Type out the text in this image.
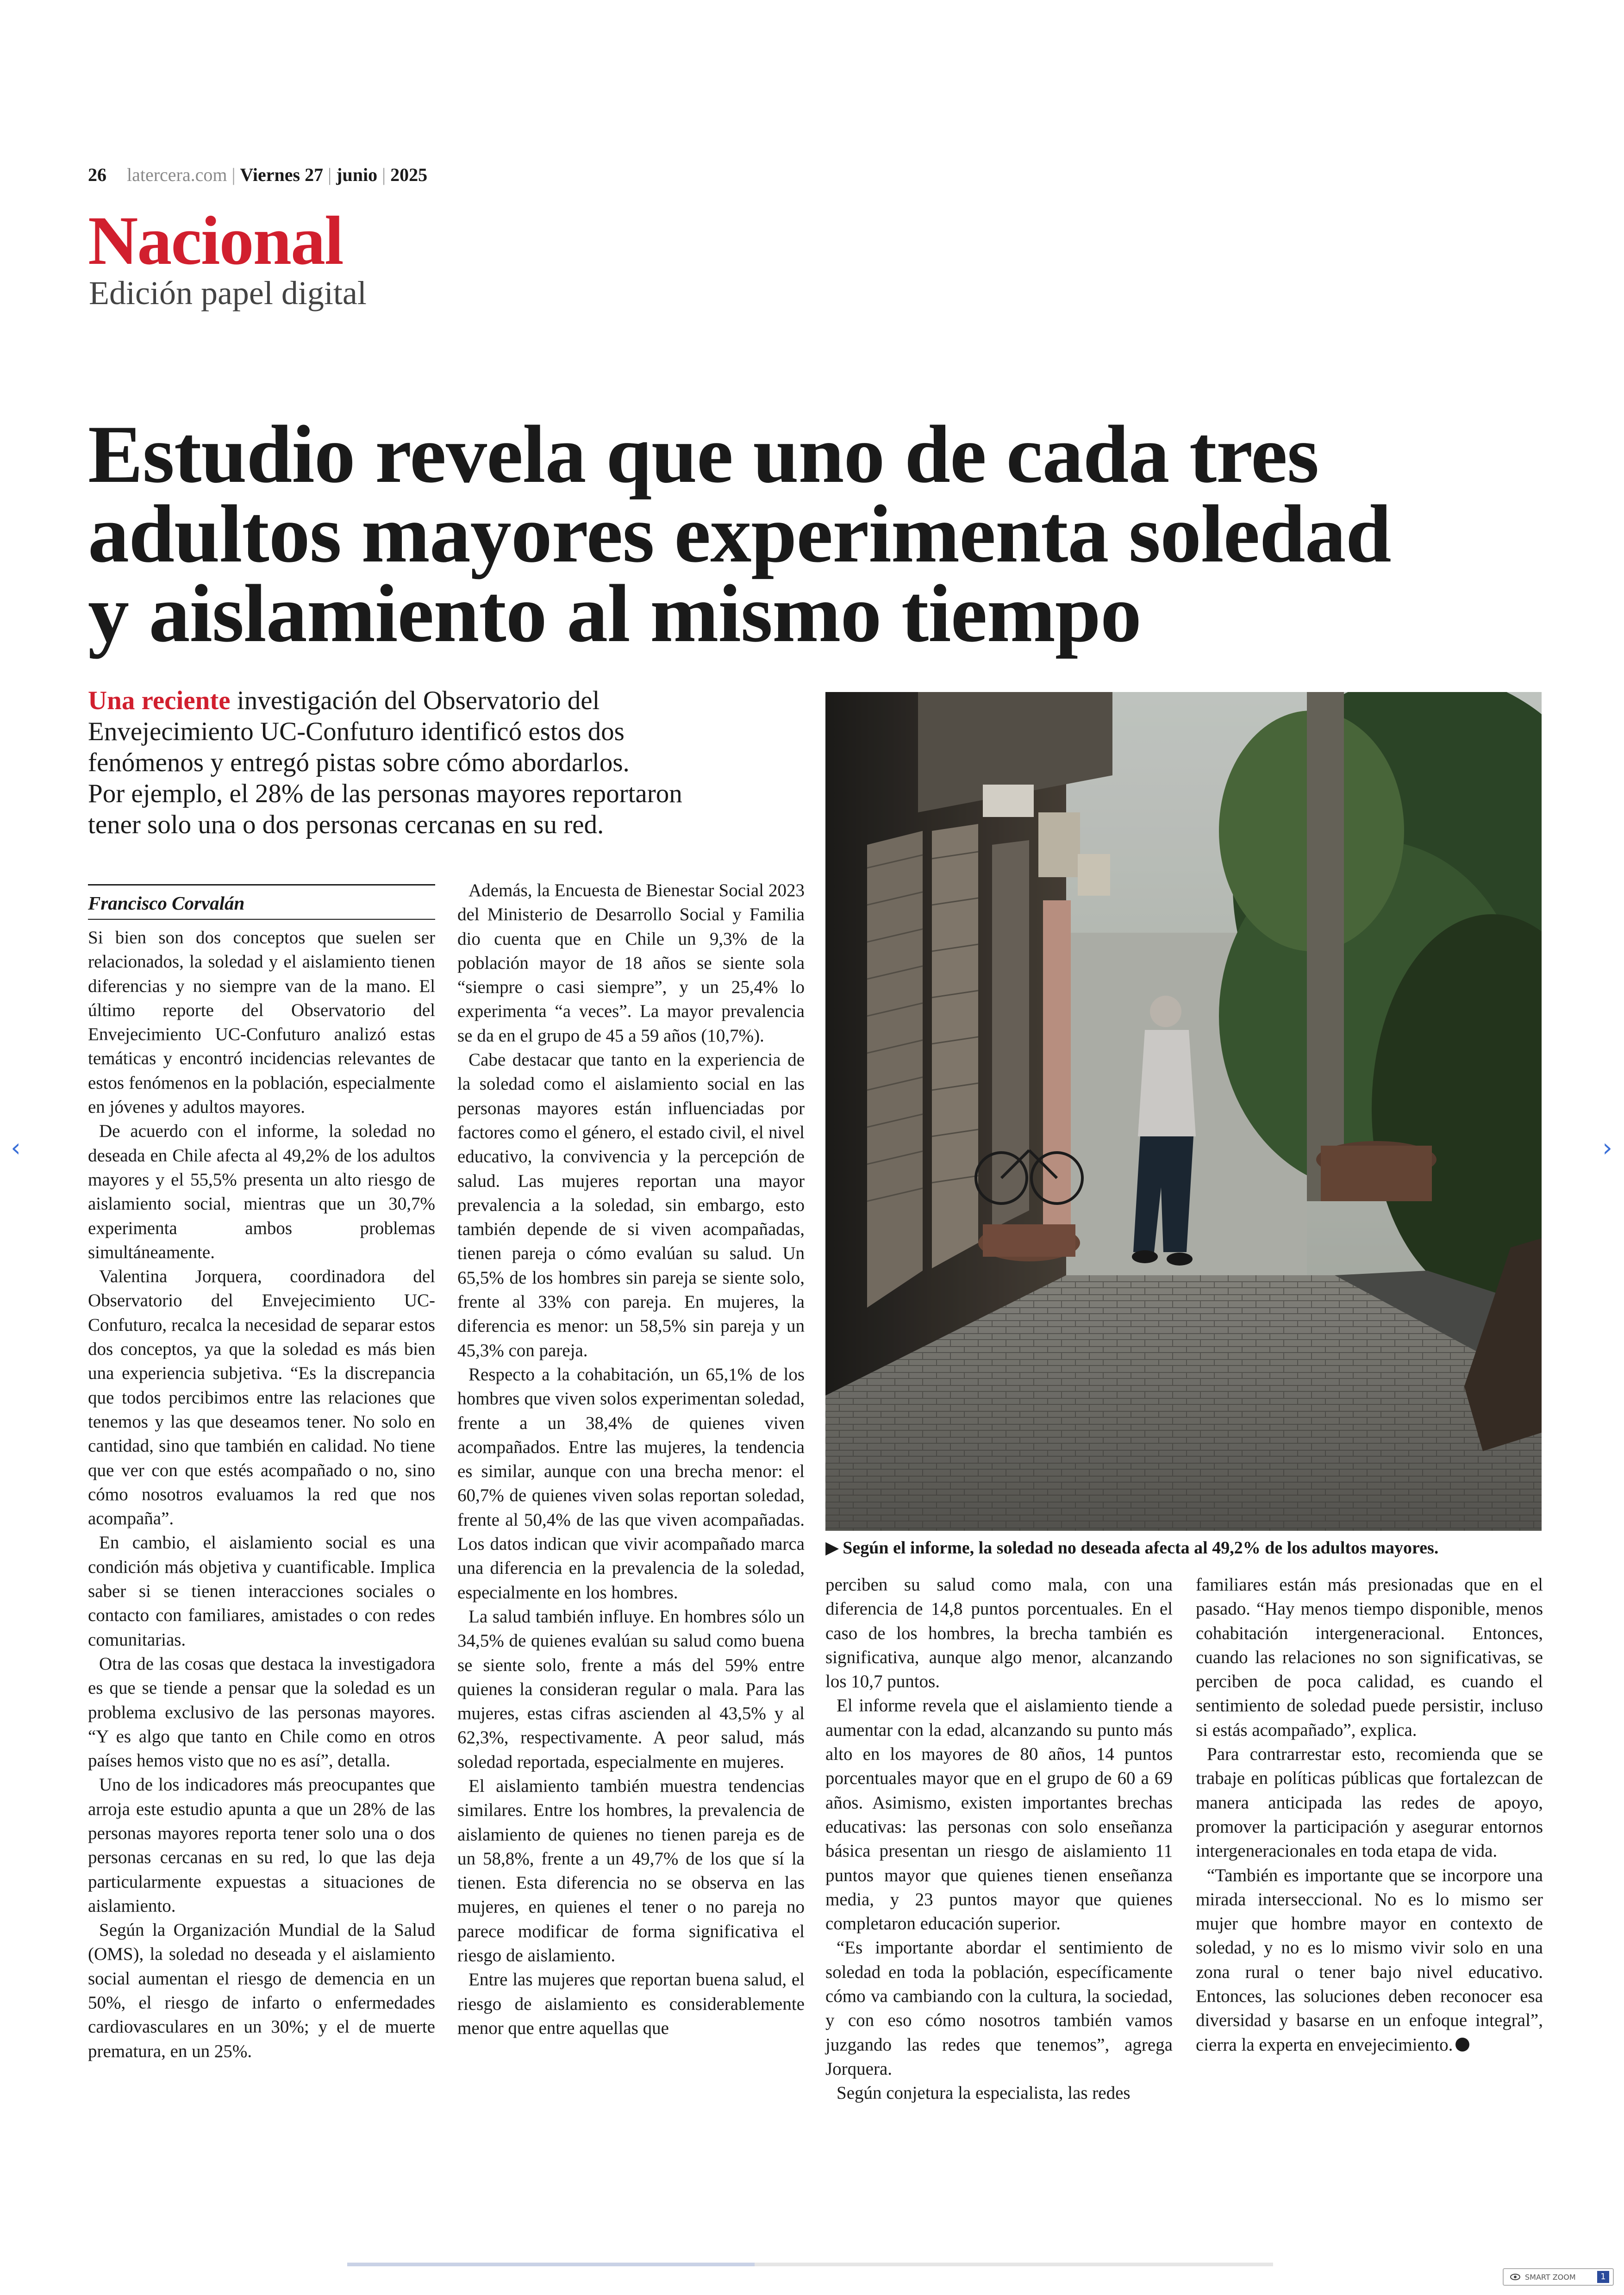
26 latercera.com | Viernes 27 | junio | 2025
Nacional
Edición papel digital
Estudio revela que uno de cada tres
adultos mayores experimenta soledad
y aislamiento al mismo tiempo
Una reciente investigación del Observatorio del
Envejecimiento UC-Confuturo identificó estos dos
fenómenos y entregó pistas sobre cómo abordarlos.
Por ejemplo, el 28% de las personas mayores reportaron
tener solo una o dos personas cercanas en su red.
▶ Según el informe, la soledad no deseada afecta al 49,2% de los adultos mayores.
Francisco Corvalán

Si bien son dos conceptos que suelen ser relacionados, la soledad y el aislamiento tienen diferencias y no siempre van de la mano. El último reporte del Observatorio del Envejecimiento UC-Confuturo analizó estas temáticas y encontró incidencias relevantes de estos fenómenos en la población, especialmente en jóvenes y adultos mayores.

De acuerdo con el informe, la soledad no deseada en Chile afecta al 49,2% de los adultos mayores y el 55,5% presenta un alto riesgo de aislamiento social, mientras que un 30,7% experimenta ambos problemas simultáneamente.

Valentina Jorquera, coordinadora del Observatorio del Envejecimiento UC-Confuturo, recalca la necesidad de separar estos dos conceptos, ya que la soledad es más bien una experiencia subjetiva. “Es la discrepancia que todos percibimos entre las relaciones que tenemos y las que deseamos tener. No solo en cantidad, sino que también en calidad. No tiene que ver con que estés acompañado o no, sino cómo nosotros evaluamos la red que nos acompaña”.

En cambio, el aislamiento social es una condición más objetiva y cuantificable. Implica saber si se tienen interacciones sociales o contacto con familiares, amistades o con redes comunitarias.

Otra de las cosas que destaca la investigadora es que se tiende a pensar que la soledad es un problema exclusivo de las personas mayores. “Y es algo que tanto en Chile como en otros países hemos visto que no es así”, detalla.

Uno de los indicadores más preocupantes que arroja este estudio apunta a que un 28% de las personas mayores reporta tener solo una o dos personas cercanas en su red, lo que las deja particularmente expuestas a situaciones de aislamiento.

Según la Organización Mundial de la Salud (OMS), la soledad no deseada y el aislamiento social aumentan el riesgo de demencia en un 50%, el riesgo de infarto o enfermedades cardiovasculares en un 30%; y el de muerte prematura, en un 25%.

Además, la Encuesta de Bienestar Social 2023 del Ministerio de Desarrollo Social y Familia dio cuenta que en Chile un 9,3% de la población mayor de 18 años se siente sola “siempre o casi siempre”, y un 25,4% lo experimenta “a veces”. La mayor prevalencia se da en el grupo de 45 a 59 años (10,7%).

Cabe destacar que tanto en la experiencia de la soledad como el aislamiento social en las personas mayores están influenciadas por factores como el género, el estado civil, el nivel educativo, la convivencia y la percepción de salud. Las mujeres reportan una mayor prevalencia a la soledad, sin embargo, esto también depende de si viven acompañadas, tienen pareja o cómo evalúan su salud. Un 65,5% de los hombres sin pareja se siente solo, frente al 33% con pareja. En mujeres, la diferencia es menor: un 58,5% sin pareja y un 45,3% con pareja.

Respecto a la cohabitación, un 65,1% de los hombres que viven solos experimentan soledad, frente a un 38,4% de quienes viven acompañados. Entre las mujeres, la tendencia es similar, aunque con una brecha menor: el 60,7% de quienes viven solas reportan soledad, frente al 50,4% de las que viven acompañadas. Los datos indican que vivir acompañado marca una diferencia en la prevalencia de la soledad, especialmente en los hombres.

La salud también influye. En hombres sólo un 34,5% de quienes evalúan su salud como buena se siente solo, frente a más del 59% entre quienes la consideran regular o mala. Para las mujeres, estas cifras ascienden al 43,5% y al 62,3%, respectivamente. A peor salud, más soledad reportada, especialmente en mujeres.

El aislamiento también muestra tendencias similares. Entre los hombres, la prevalencia de aislamiento de quienes no tienen pareja es de un 58,8%, frente a un 49,7% de los que sí la tienen. Esta diferencia no se observa en las mujeres, en quienes el tener o no pareja no parece modificar de forma significativa el riesgo de aislamiento.

Entre las mujeres que reportan buena salud, el riesgo de aislamiento es considerablemente menor que entre aquellas que

perciben su salud como mala, con una diferencia de 14,8 puntos porcentuales. En el caso de los hombres, la brecha también es significativa, aunque algo menor, alcanzando los 10,7 puntos.

El informe revela que el aislamiento tiende a aumentar con la edad, alcanzando su punto más alto en los mayores de 80 años, 14 puntos porcentuales mayor que en el grupo de 60 a 69 años. Asimismo, existen importantes brechas educativas: las personas con solo enseñanza básica presentan un riesgo de aislamiento 11 puntos mayor que quienes tienen enseñanza media, y 23 puntos mayor que quienes completaron educación superior.

“Es importante abordar el sentimiento de soledad en toda la población, específicamente cómo va cambiando con la cultura, la sociedad, y con eso cómo nosotros también vamos juzgando las redes que tenemos”, agrega Jorquera.

Según conjetura la especialista, las redes

familiares están más presionadas que en el pasado. “Hay menos tiempo disponible, menos cohabitación intergeneracional. Entonces, cuando las relaciones no son significativas, se perciben de poca calidad, es cuando el sentimiento de soledad puede persistir, incluso si estás acompañado”, explica.

Para contrarrestar esto, recomienda que se trabaje en políticas públicas que fortalezcan de manera anticipada las redes de apoyo, promover la participación y asegurar entornos intergeneracionales en toda etapa de vida.

“También es importante que se incorpore una mirada interseccional. No es lo mismo ser mujer que hombre mayor en contexto de soledad, y no es lo mismo vivir solo en una zona rural o tener bajo nivel educativo. Entonces, las soluciones deben reconocer esa diversidad y basarse en un enfoque integral”, cierra la experta en envejecimiento.

‹	›
SMART ZOOM	1
